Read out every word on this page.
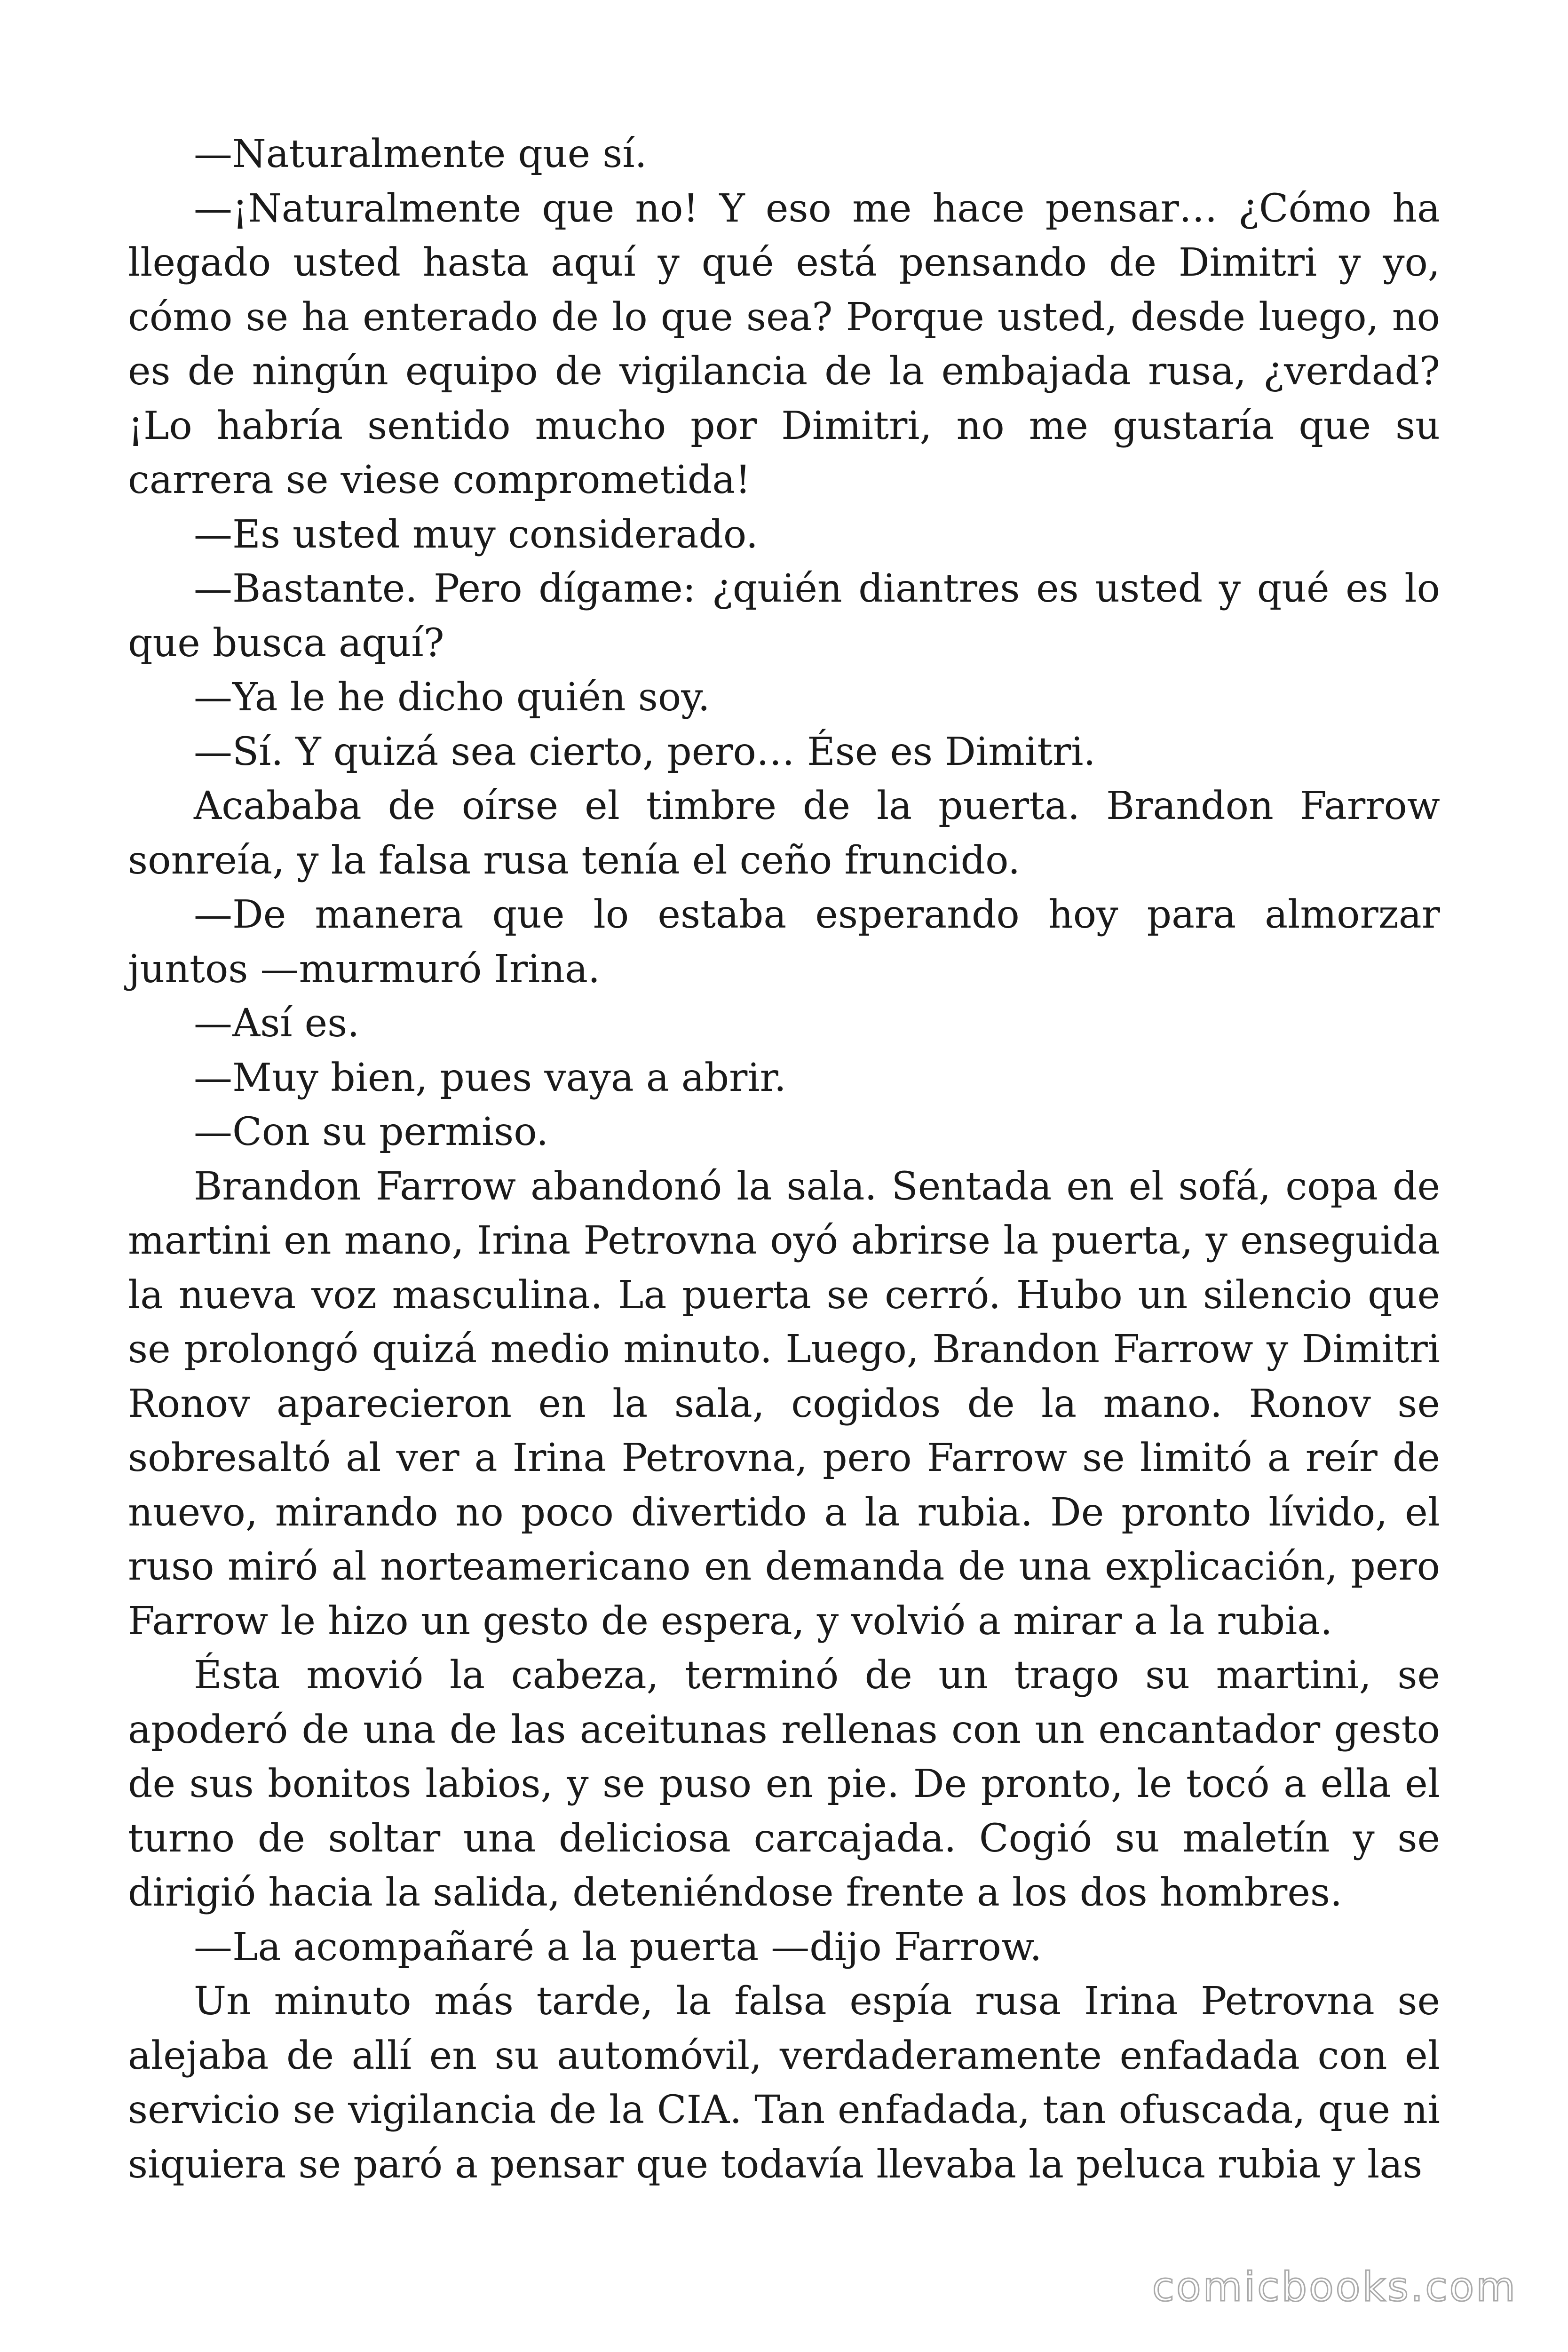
—Naturalmente que sí.

—¡Naturalmente que no! Y eso me hace pensar… ¿Cómo ha llegado usted hasta aquí y qué está pensando de Dimitri y yo, cómo se ha enterado de lo que sea? Porque usted, desde luego, no es de ningún equipo de vigilancia de la embajada rusa, ¿verdad? ¡Lo habría sentido mucho por Dimitri, no me gustaría que su carrera se viese comprometida!

—Es usted muy considerado.

—Bastante. Pero dígame: ¿quién diantres es usted y qué es lo que busca aquí?

—Ya le he dicho quién soy.

—Sí. Y quizá sea cierto, pero… Ése es Dimitri.

Acababa de oírse el timbre de la puerta. Brandon Farrow sonreía, y la falsa rusa tenía el ceño fruncido.

—De manera que lo estaba esperando hoy para almorzar juntos —murmuró Irina.

—Así es.

—Muy bien, pues vaya a abrir.

—Con su permiso.

Brandon Farrow abandonó la sala. Sentada en el sofá, copa de martini en mano, Irina Petrovna oyó abrirse la puerta, y enseguida la nueva voz masculina. La puerta se cerró. Hubo un silencio que se prolongó quizá medio minuto. Luego, Brandon Farrow y Dimitri Ronov aparecieron en la sala, cogidos de la mano. Ronov se sobresaltó al ver a Irina Petrovna, pero Farrow se limitó a reír de nuevo, mirando no poco divertido a la rubia. De pronto lívido, el ruso miró al norteamericano en demanda de una explicación, pero Farrow le hizo un gesto de espera, y volvió a mirar a la rubia.

Ésta movió la cabeza, terminó de un trago su martini, se apoderó de una de las aceitunas rellenas con un encantador gesto de sus bonitos labios, y se puso en pie. De pronto, le tocó a ella el turno de soltar una deliciosa carcajada. Cogió su maletín y se dirigió hacia la salida, deteniéndose frente a los dos hombres.

—La acompañaré a la puerta —dijo Farrow.

Un minuto más tarde, la falsa espía rusa Irina Petrovna se alejaba de allí en su automóvil, verdaderamente enfadada con el servicio se vigilancia de la CIA. Tan enfadada, tan ofuscada, que ni siquiera se paró a pensar que todavía llevaba la peluca rubia y las

comicbooks.com
